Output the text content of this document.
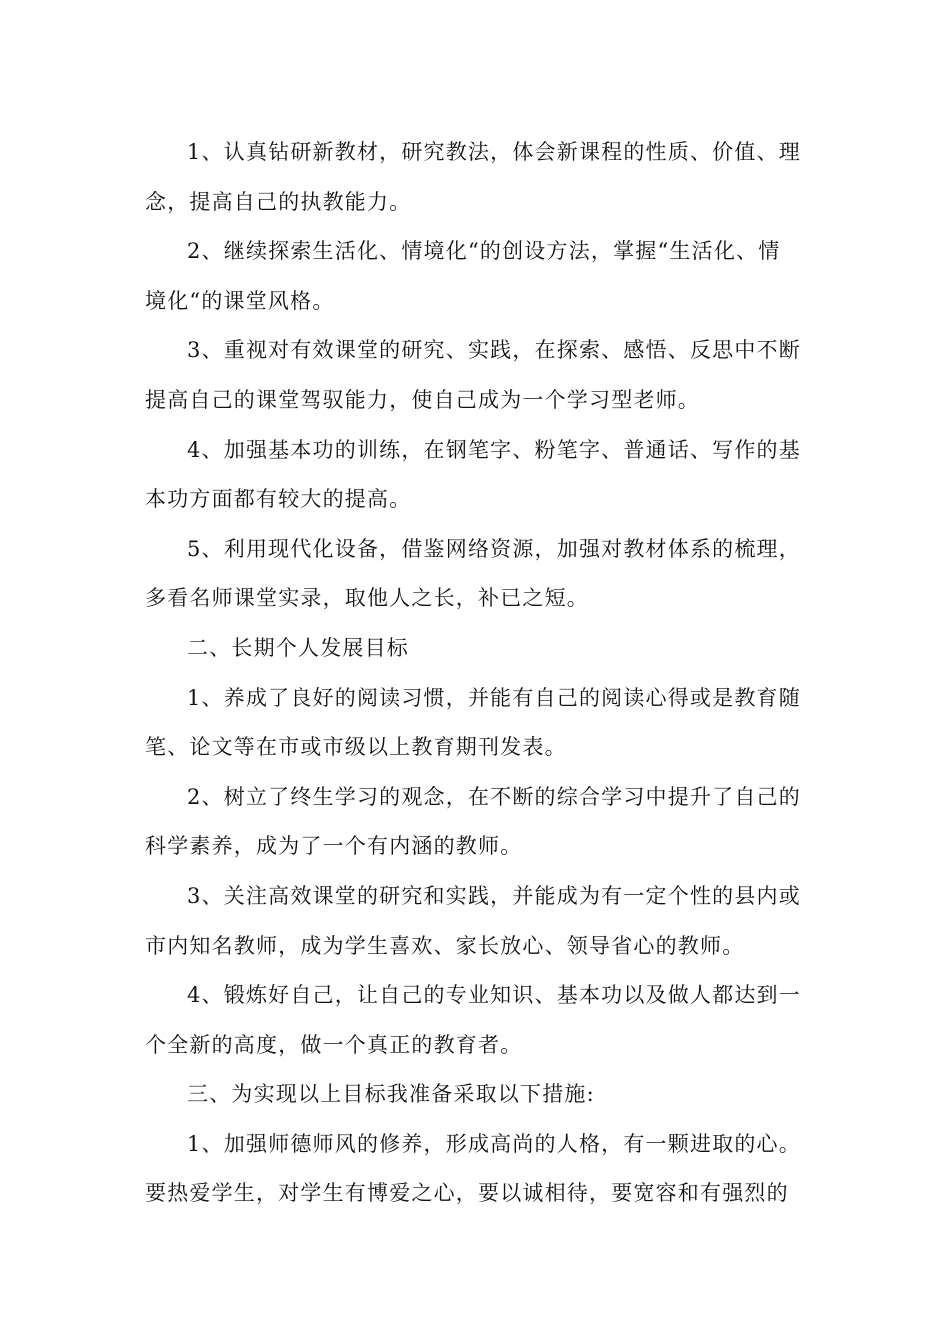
1、认真钻研新教材，研究教法，体会新课程的性质、价值、理
念，提高自己的执教能力。

2、继续探索生活化、情境化“的创设方法，掌握“生活化、情
境化“的课堂风格。

3、重视对有效课堂的研究、实践，在探索、感悟、反思中不断
提高自己的课堂驾驭能力，使自己成为一个学习型老师。

4、加强基本功的训练，在钢笔字、粉笔字、普通话、写作的基
本功方面都有较大的提高。

5、利用现代化设备，借鉴网络资源，加强对教材体系的梳理，
多看名师课堂实录，取他人之长，补已之短。

二、长期个人发展目标

1、养成了良好的阅读习惯，并能有自己的阅读心得或是教育随
笔、论文等在市或市级以上教育期刊发表。

2、树立了终生学习的观念，在不断的综合学习中提升了自己的
科学素养，成为了一个有内涵的教师。

3、关注高效课堂的研究和实践，并能成为有一定个性的县内或
市内知名教师，成为学生喜欢、家长放心、领导省心的教师。

4、锻炼好自己，让自己的专业知识、基本功以及做人都达到一
个全新的高度，做一个真正的教育者。

三、为实现以上目标我准备采取以下措施:

1、加强师德师风的修养，形成高尚的人格，有一颗进取的心。
要热爱学生，对学生有博爱之心，要以诚相待，要宽容和有强烈的
